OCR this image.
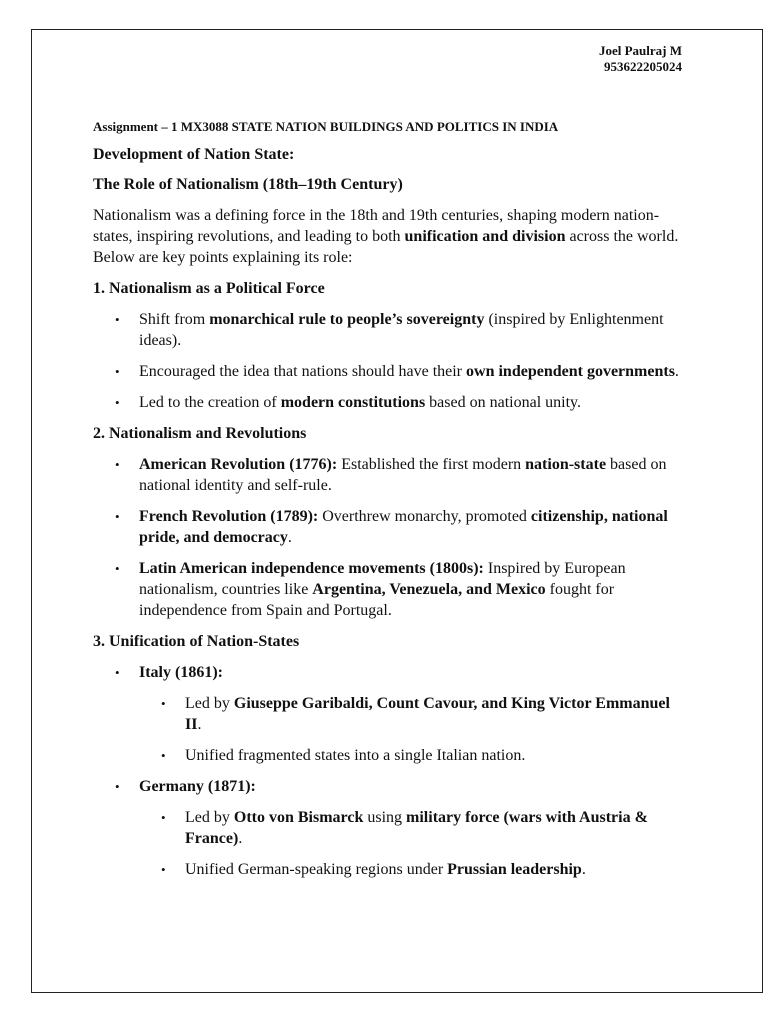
Joel Paulraj M
953622205024
Assignment – 1 MX3088 STATE NATION BUILDINGS AND POLITICS IN INDIA
Development of Nation State:
The Role of Nationalism (18th–19th Century)

Nationalism was a defining force in the 18th and 19th centuries, shaping modern nation-states, inspiring revolutions, and leading to both unification and division across the world. Below are key points explaining its role:

1. Nationalism as a Political Force
• Shift from monarchical rule to people’s sovereignty (inspired by Enlightenment ideas).
• Encouraged the idea that nations should have their own independent governments.
• Led to the creation of modern constitutions based on national unity.
2. Nationalism and Revolutions
• American Revolution (1776): Established the first modern nation-state based on national identity and self-rule.
• French Revolution (1789): Overthrew monarchy, promoted citizenship, national pride, and democracy.
• Latin American independence movements (1800s): Inspired by European nationalism, countries like Argentina, Venezuela, and Mexico fought for independence from Spain and Portugal.
3. Unification of Nation-States
• Italy (1861):
• Led by Giuseppe Garibaldi, Count Cavour, and King Victor Emmanuel II.
• Unified fragmented states into a single Italian nation.
• Germany (1871):
• Led by Otto von Bismarck using military force (wars with Austria & France).
• Unified German-speaking regions under Prussian leadership.
